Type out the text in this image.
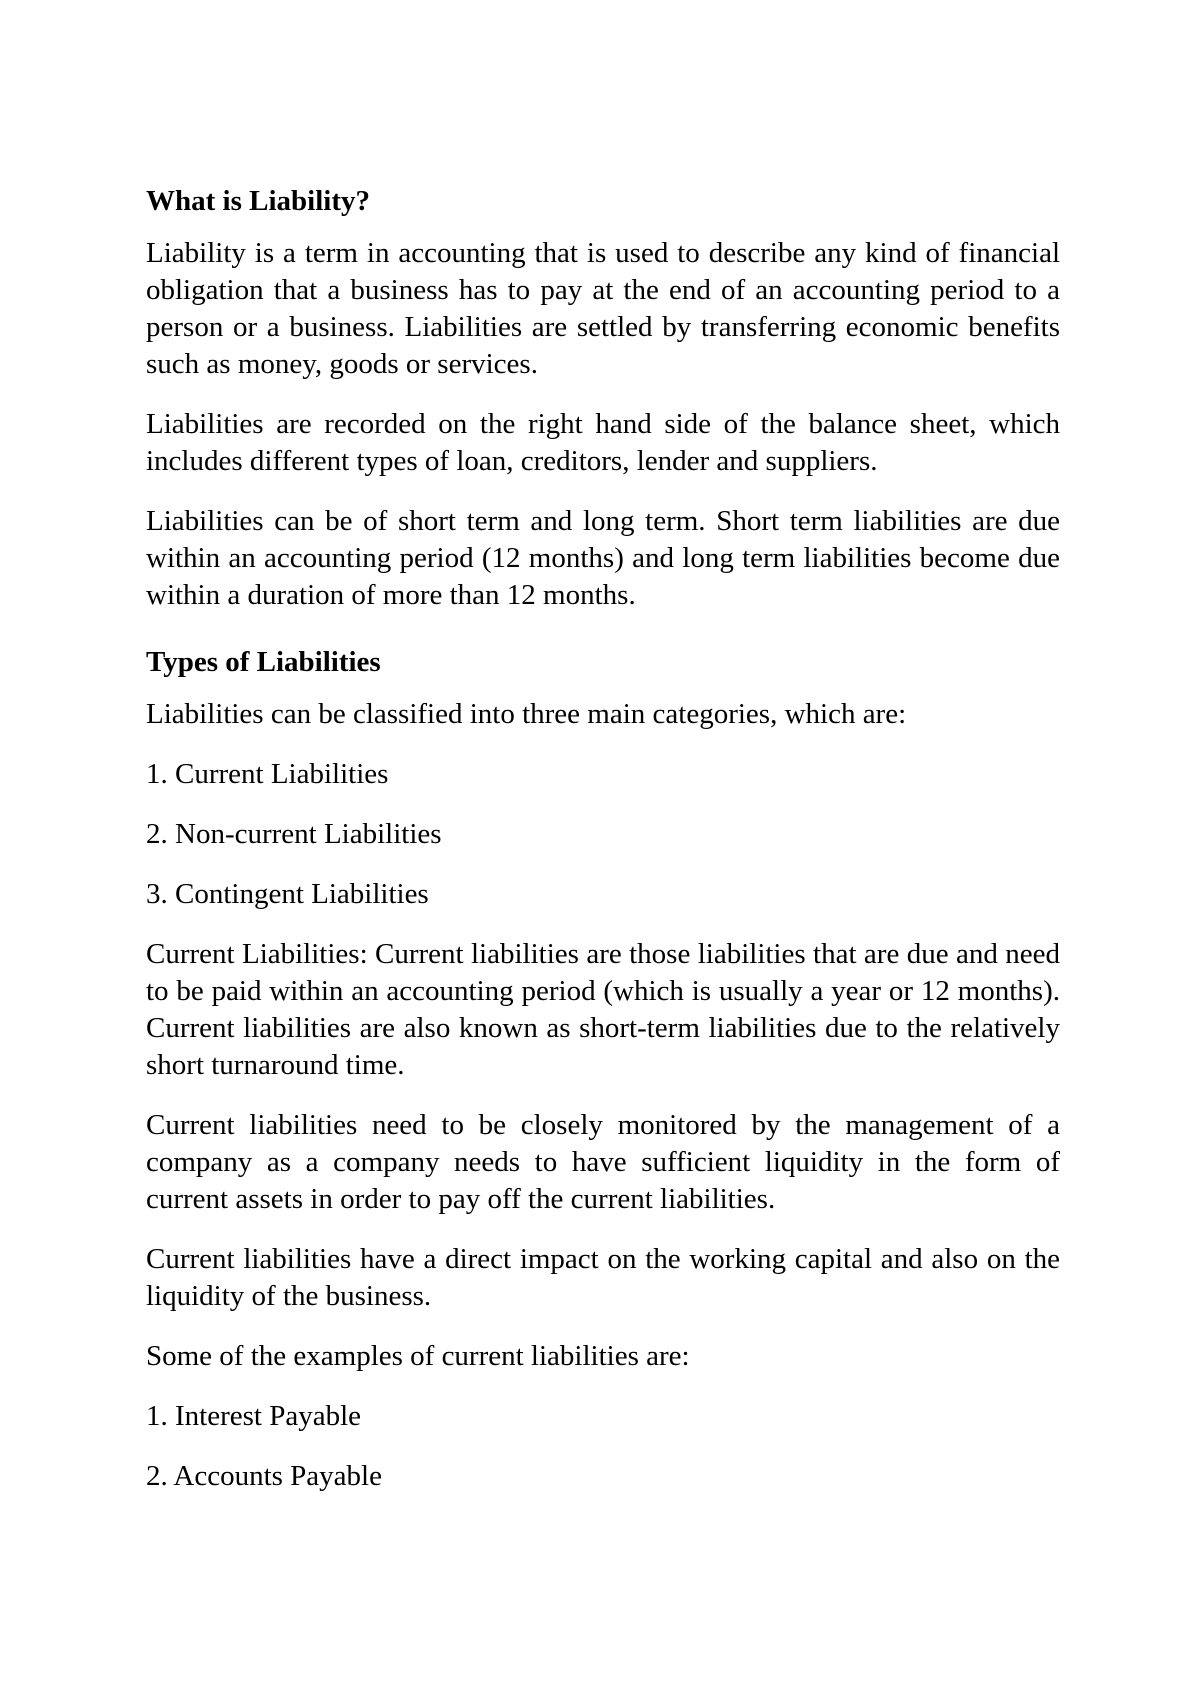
What is Liability?

Liability is a term in accounting that is used to describe any kind of financial obligation that a business has to pay at the end of an accounting period to a person or a business. Liabilities are settled by transferring economic benefits such as money, goods or services.

Liabilities are recorded on the right hand side of the balance sheet, which includes different types of loan, creditors, lender and suppliers.

Liabilities can be of short term and long term. Short term liabilities are due within an accounting period (12 months) and long term liabilities become due within a duration of more than 12 months.

Types of Liabilities

Liabilities can be classified into three main categories, which are:

1. Current Liabilities
2. Non-current Liabilities
3. Contingent Liabilities

Current Liabilities: Current liabilities are those liabilities that are due and need to be paid within an accounting period (which is usually a year or 12 months). Current liabilities are also known as short-term liabilities due to the relatively short turnaround time.

Current liabilities need to be closely monitored by the management of a company as a company needs to have sufficient liquidity in the form of current assets in order to pay off the current liabilities.

Current liabilities have a direct impact on the working capital and also on the liquidity of the business.

Some of the examples of current liabilities are:

1. Interest Payable
2. Accounts Payable
